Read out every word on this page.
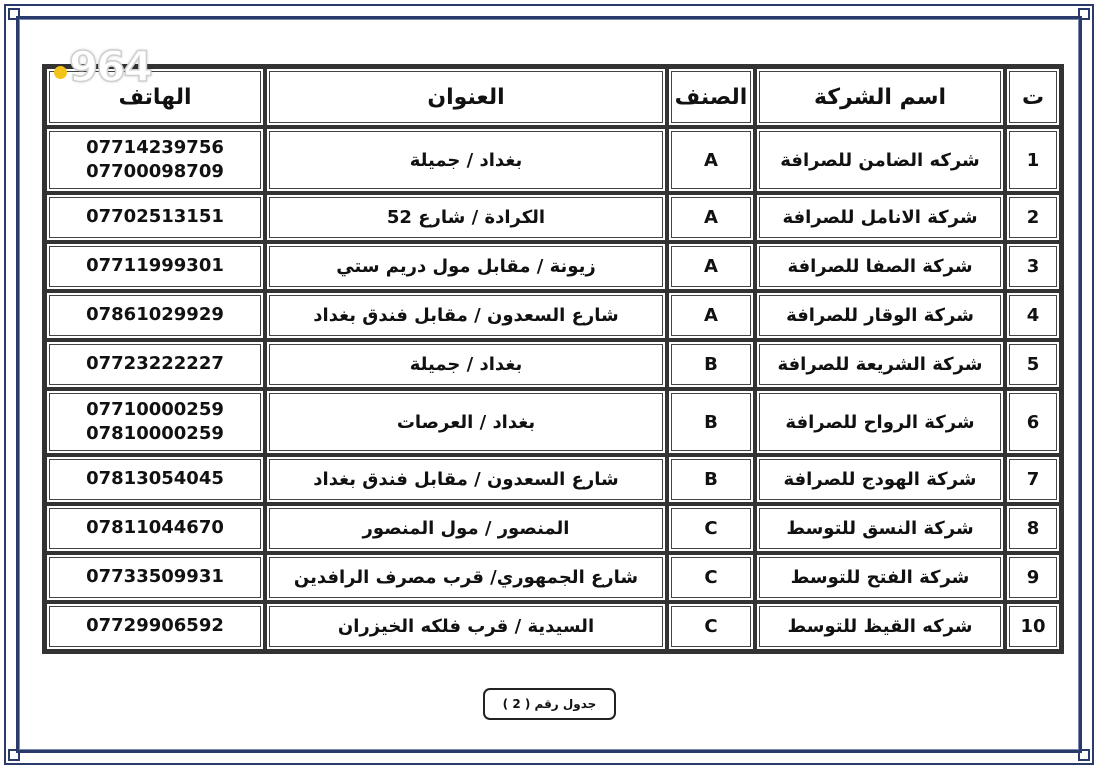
964
ت	اسم الشركة	الصنف	العنوان	الهاتف
1	شركه الضامن للصرافة	A	بغداد / جميلة	07714239756
07700098709

2	شركة الانامل للصرافة	A	الكرادة / شارع 52	07702513151

3	شركة الصفا للصرافة	A	زيونة / مقابل مول دريم ستي	07711999301

4	شركة الوقار للصرافة	A	شارع السعدون / مقابل فندق بغداد	07861029929

5	شركة الشريعة للصرافة	B	بغداد / جميلة	07723222227

6	شركة الرواح للصرافة	B	بغداد / العرصات	07710000259
07810000259

7	شركة الهودج للصرافة	B	شارع السعدون / مقابل فندق بغداد	07813054045

8	شركة النسق للتوسط	C	المنصور / مول المنصور	07811044670

9	شركة الفتح للتوسط	C	شارع الجمهوري/ قرب مصرف الرافدين	07733509931

10	شركه القيظ للتوسط	C	السيدية / قرب فلكه الخيزران	07729906592
جدول رقم ( 2 )
